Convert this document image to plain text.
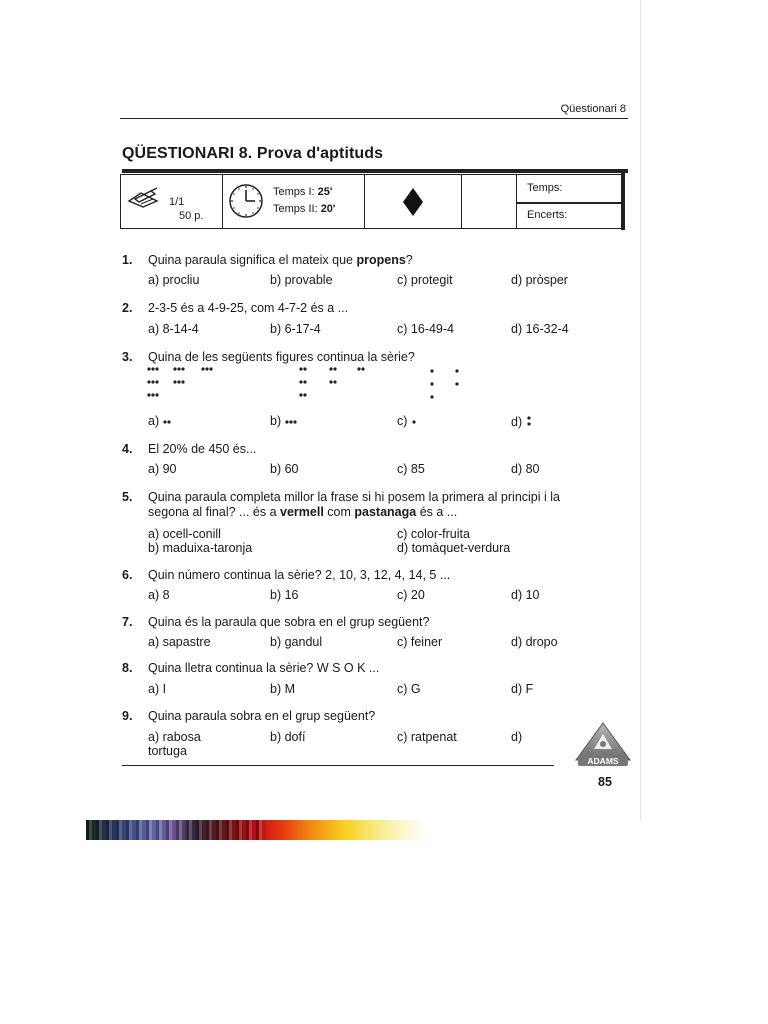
Qüestionari 8
QÜESTIONARI 8. Prova d'aptituds
1/1
50 p.
Temps I: 25'
Temps II: 20'
Temps:
Encerts:
1. Quina paraula significa el mateix que propens?
a) procliu	b) provable	c) protegit	d) pròsper
2. 2-3-5 és a 4-9-25, com 4-7-2 és a ...
a) 8-14-4	b) 6-17-4	c) 16-49-4	d) 16-32-4
3. Quina de les següents figures continua la sèrie?
a)	b)	c)	d)
4. El 20% de 450 és...
a) 90	b) 60	c) 85	d) 80
5. Quina paraula completa millor la frase si hi posem la primera al principi i la
segona al final? ... és a vermell com pastanaga és a ...
a) ocell-conill
b) maduixa-taronja
c) color-fruita
d) tomàquet-verdura
6. Quin número continua la sèrie? 2, 10, 3, 12, 4, 14, 5 ...
a) 8	b) 16	c) 20	d) 10
7. Quina és la paraula que sobra en el grup següent?
a) sapastre	b) gandul	c) feiner	d) dropo
8. Quina lletra continua la sèrie? W S O K ...
a) I	b) M	c) G	d) F
9. Quina paraula sobra en el grup següent?
a) rabosa
tortuga
b) dofí	c) ratpenat	d)
ADAMS
85
